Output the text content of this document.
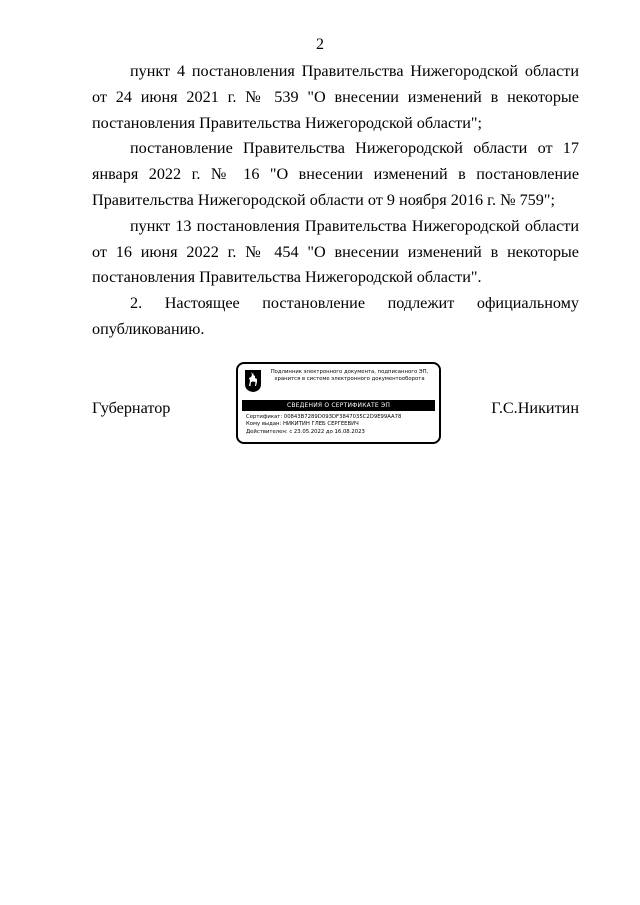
2

пункт 4 постановления Правительства Нижегородской области от 24 июня 2021 г. № 539 "О внесении изменений в некоторые постановления Правительства Нижегородской области";

постановление Правительства Нижегородской области от 17 января 2022 г. № 16 "О внесении изменений в постановление Правительства Нижегородской области от 9 ноября 2016 г. № 759";

пункт 13 постановления Правительства Нижегородской области от 16 июня 2022 г. № 454 "О внесении изменений в некоторые постановления Правительства Нижегородской области".

2. Настоящее постановление подлежит официальному опубликованию.

Губернатор	Г.С.Никитин
Подлинник электронного документа, подписанного ЭП,
хранится в системе электронного документооборота
СВЕДЕНИЯ О СЕРТИФИКАТЕ ЭП
Сертификат: 00843B7289D093DF3847035C2D9E99AA78
Кому выдан: НИКИТИН ГЛЕБ СЕРГЕЕВИЧ
Действителен: с 23.05.2022 до 16.08.2023
